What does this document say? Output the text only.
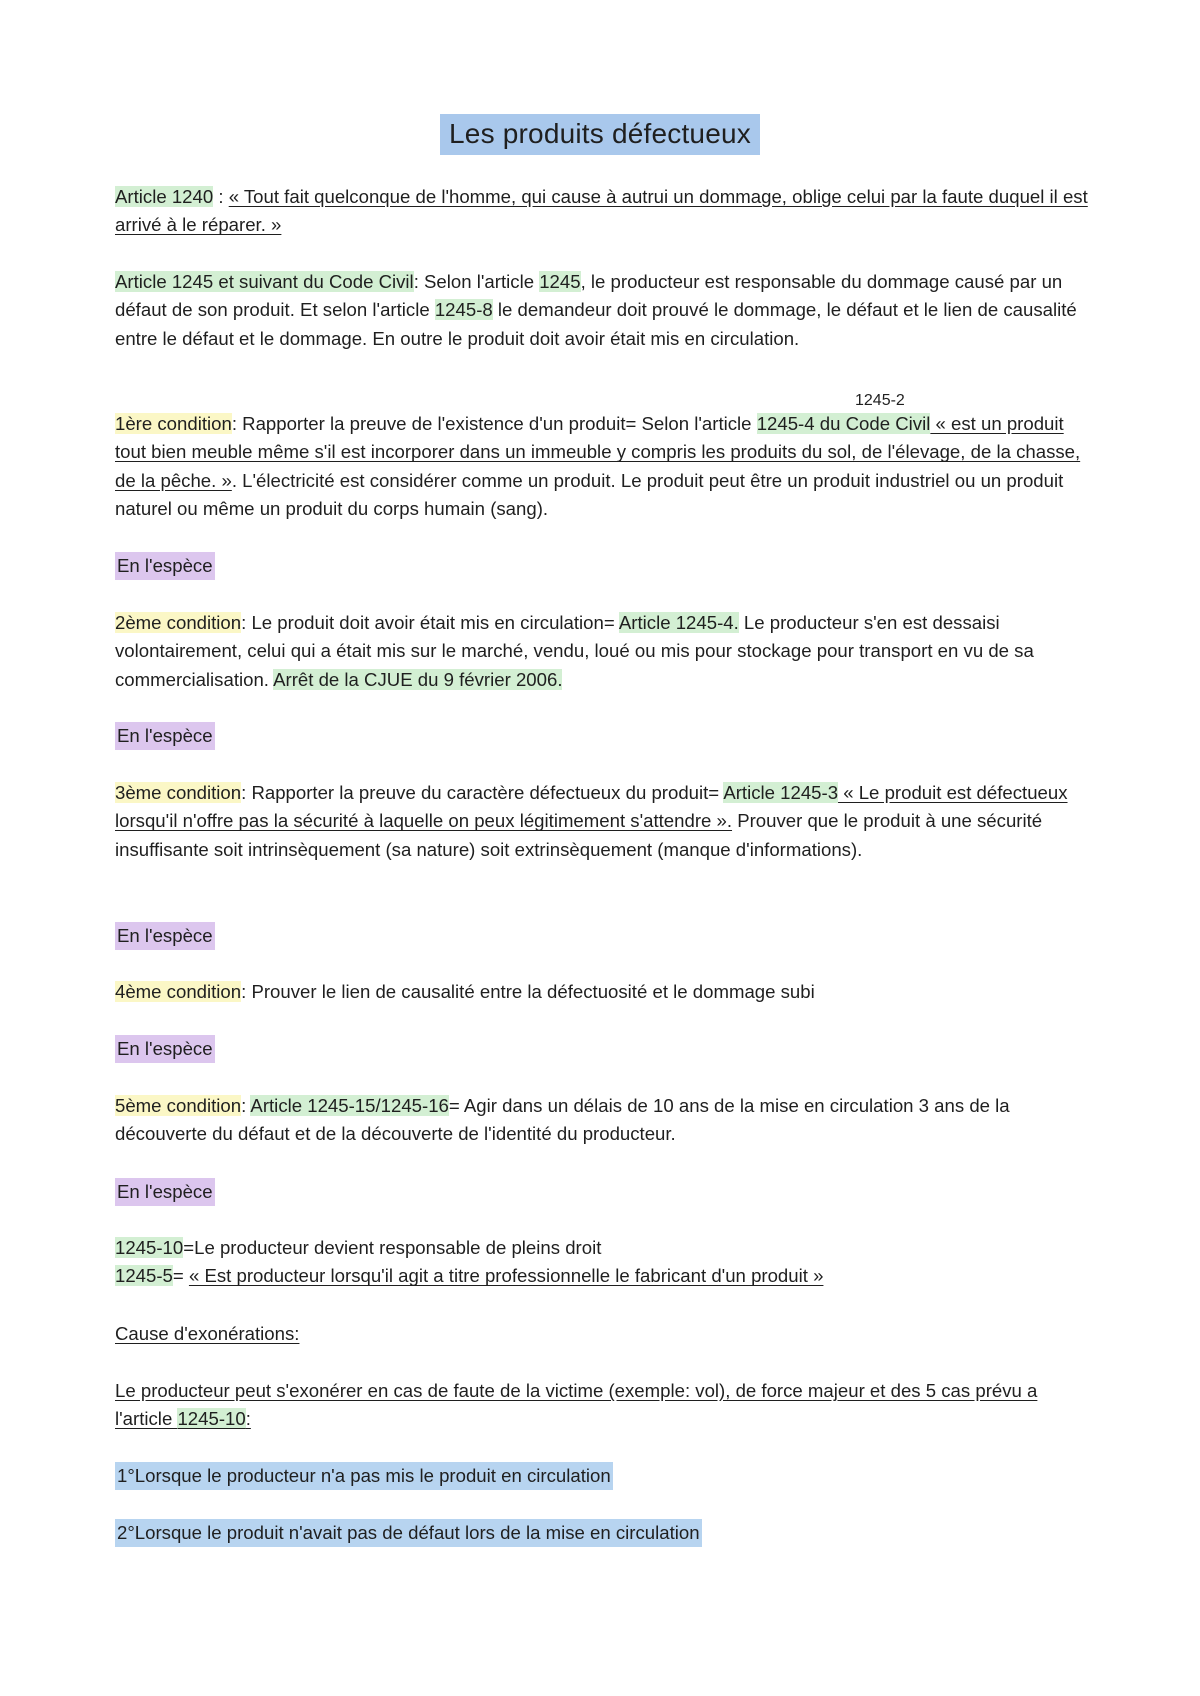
Les produits défectueux

Article 1240 : « Tout fait quelconque de l'homme, qui cause à autrui un dommage, oblige celui par la faute duquel il est arrivé à le réparer. »

Article 1245 et suivant du Code Civil: Selon l'article 1245, le producteur est responsable du dommage causé par un défaut de son produit. Et selon l'article 1245-8 le demandeur doit prouvé le dommage, le défaut et le lien de causalité entre le défaut et le dommage. En outre le produit doit avoir était mis en circulation.

1245-2

1ère condition: Rapporter la preuve de l'existence d'un produit= Selon l'article 1245-4 du Code Civil « est un produit tout bien meuble même s'il est incorporer dans un immeuble y compris les produits du sol, de l'élevage, de la chasse, de la pêche. ». L'électricité est considérer comme un produit. Le produit peut être un produit industriel ou un produit naturel ou même un produit du corps humain (sang).

En l'espèce

2ème condition: Le produit doit avoir était mis en circulation= Article 1245-4. Le producteur s'en est dessaisi volontairement, celui qui a était mis sur le marché, vendu, loué ou mis pour stockage pour transport en vu de sa commercialisation. Arrêt de la CJUE du 9 février 2006.

En l'espèce

3ème condition: Rapporter la preuve du caractère défectueux du produit= Article 1245-3 « Le produit est défectueux lorsqu'il n'offre pas la sécurité à laquelle on peux légitimement s'attendre ». Prouver que le produit à une sécurité insuffisante soit intrinsèquement (sa nature) soit extrinsèquement (manque d'informations).

En l'espèce

4ème condition: Prouver le lien de causalité entre la défectuosité et le dommage subi

En l'espèce

5ème condition: Article 1245-15/1245-16= Agir dans un délais de 10 ans de la mise en circulation 3 ans de la découverte du défaut et de la découverte de l'identité du producteur.

En l'espèce

1245-10=Le producteur devient responsable de pleins droit
1245-5= « Est producteur lorsqu'il agit a titre professionnelle le fabricant d'un produit »

Cause d'exonérations:

Le producteur peut s'exonérer en cas de faute de la victime (exemple: vol), de force majeur et des 5 cas prévu a l'article 1245-10:

1°Lorsque le producteur n'a pas mis le produit en circulation

2°Lorsque le produit n'avait pas de défaut lors de la mise en circulation
